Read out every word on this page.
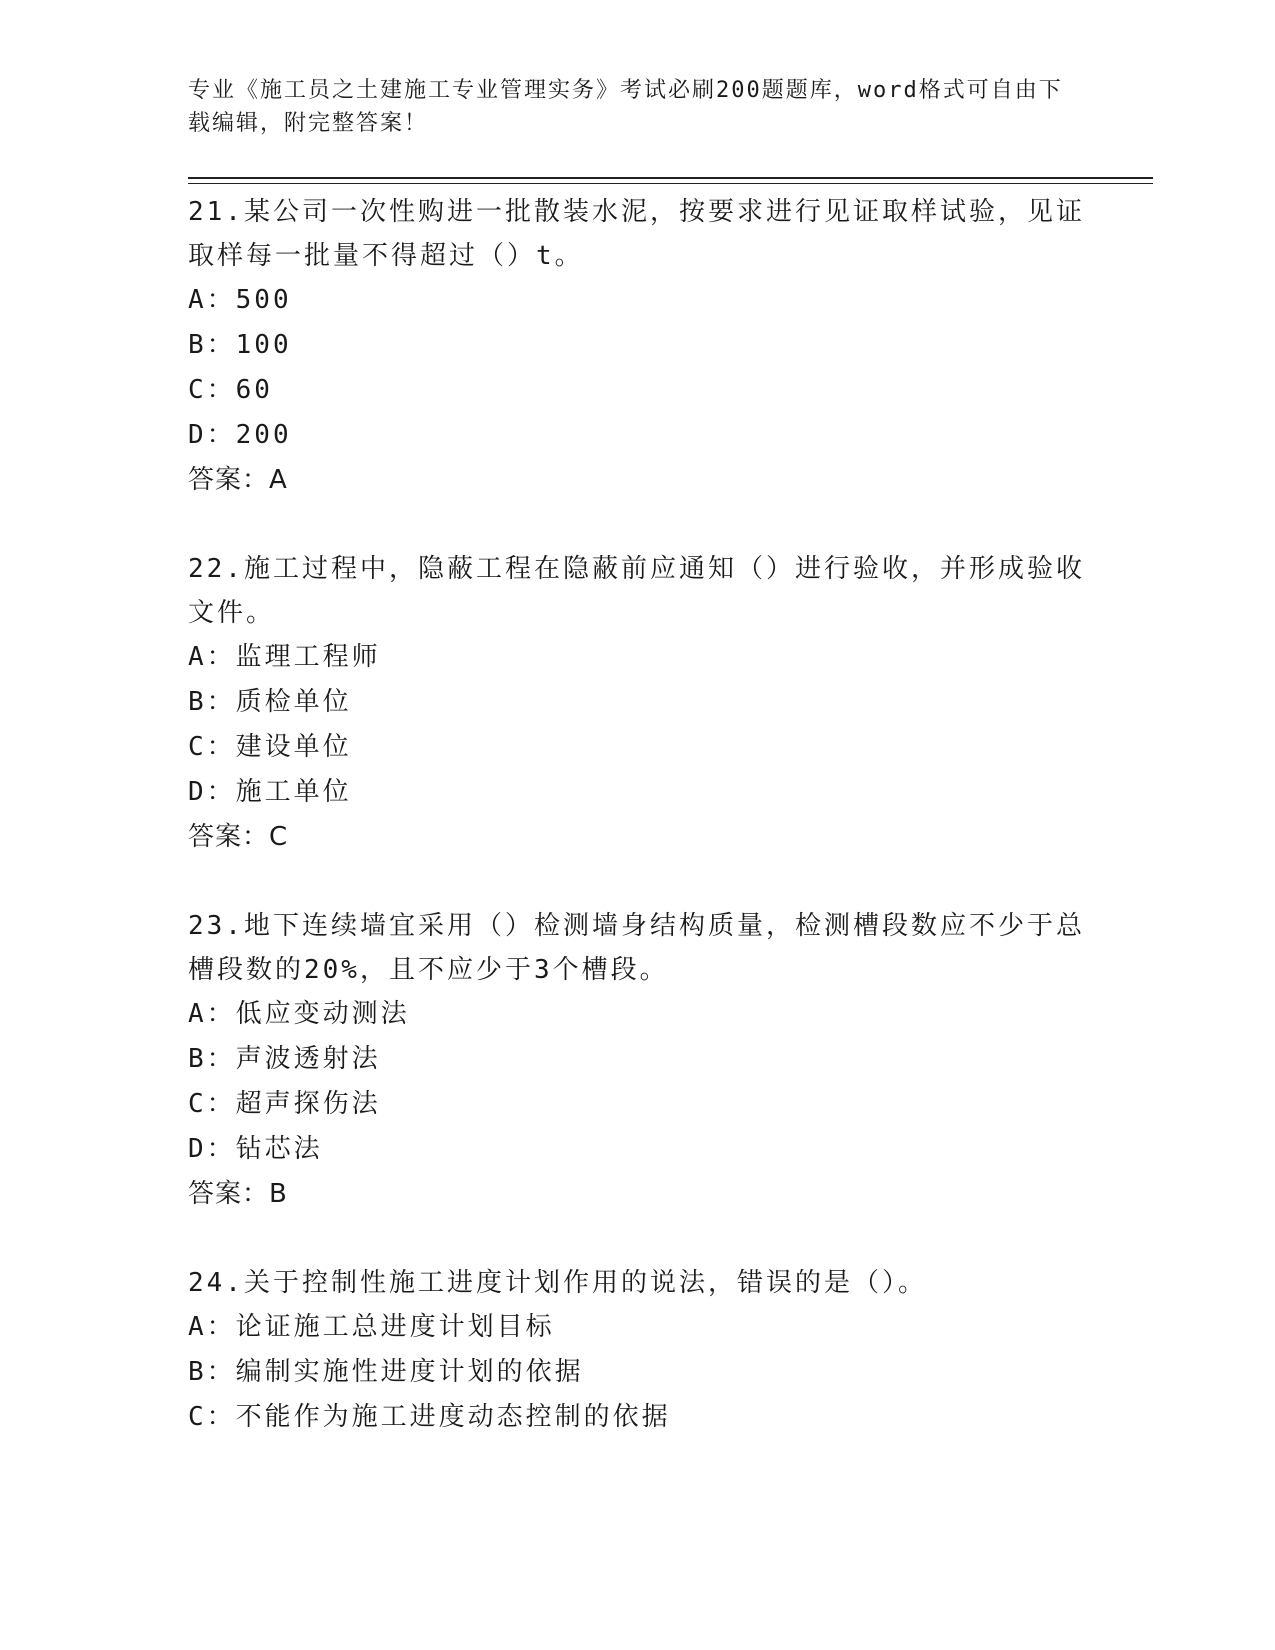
专业《施工员之土建施工专业管理实务》考试必刷200题题库，word格式可自由下载编辑，附完整答案！
21.某公司一次性购进一批散装水泥，按要求进行见证取样试验，见证取样每一批量不得超过（）t。
A：500
B：100
C：60
D：200
答案：A
22.施工过程中，隐蔽工程在隐蔽前应通知（）进行验收，并形成验收文件。
A：监理工程师
B：质检单位
C：建设单位
D：施工单位
答案：C
23.地下连续墙宜采用（）检测墙身结构质量，检测槽段数应不少于总槽段数的20%，且不应少于3个槽段。
A：低应变动测法
B：声波透射法
C：超声探伤法
D：钻芯法
答案：B
24.关于控制性施工进度计划作用的说法，错误的是（）。
A：论证施工总进度计划目标
B：编制实施性进度计划的依据
C：不能作为施工进度动态控制的依据
